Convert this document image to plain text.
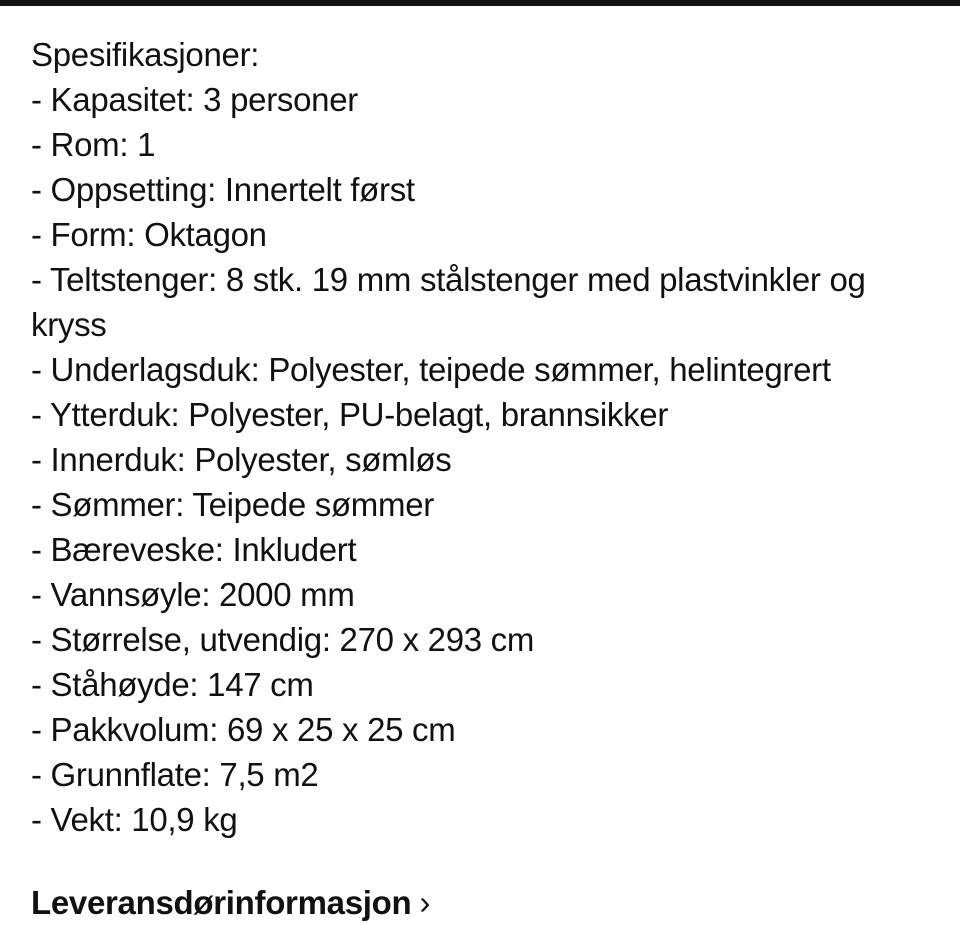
Spesifikasjoner:
- Kapasitet: 3 personer
- Rom: 1
- Oppsetting: Innertelt først
- Form: Oktagon
- Teltstenger: 8 stk. 19 mm stålstenger med plastvinkler og kryss
- Underlagsduk: Polyester, teipede sømmer, helintegrert
- Ytterduk: Polyester, PU-belagt, brannsikker
- Innerduk: Polyester, sømløs
- Sømmer: Teipede sømmer
- Bæreveske: Inkludert
- Vannsøyle: 2000 mm
- Størrelse, utvendig: 270 x 293 cm
- Ståhøyde: 147 cm
- Pakkvolum: 69 x 25 x 25 cm
- Grunnflate: 7,5 m2
- Vekt: 10,9 kg
Leveransdørinformasjon ›
